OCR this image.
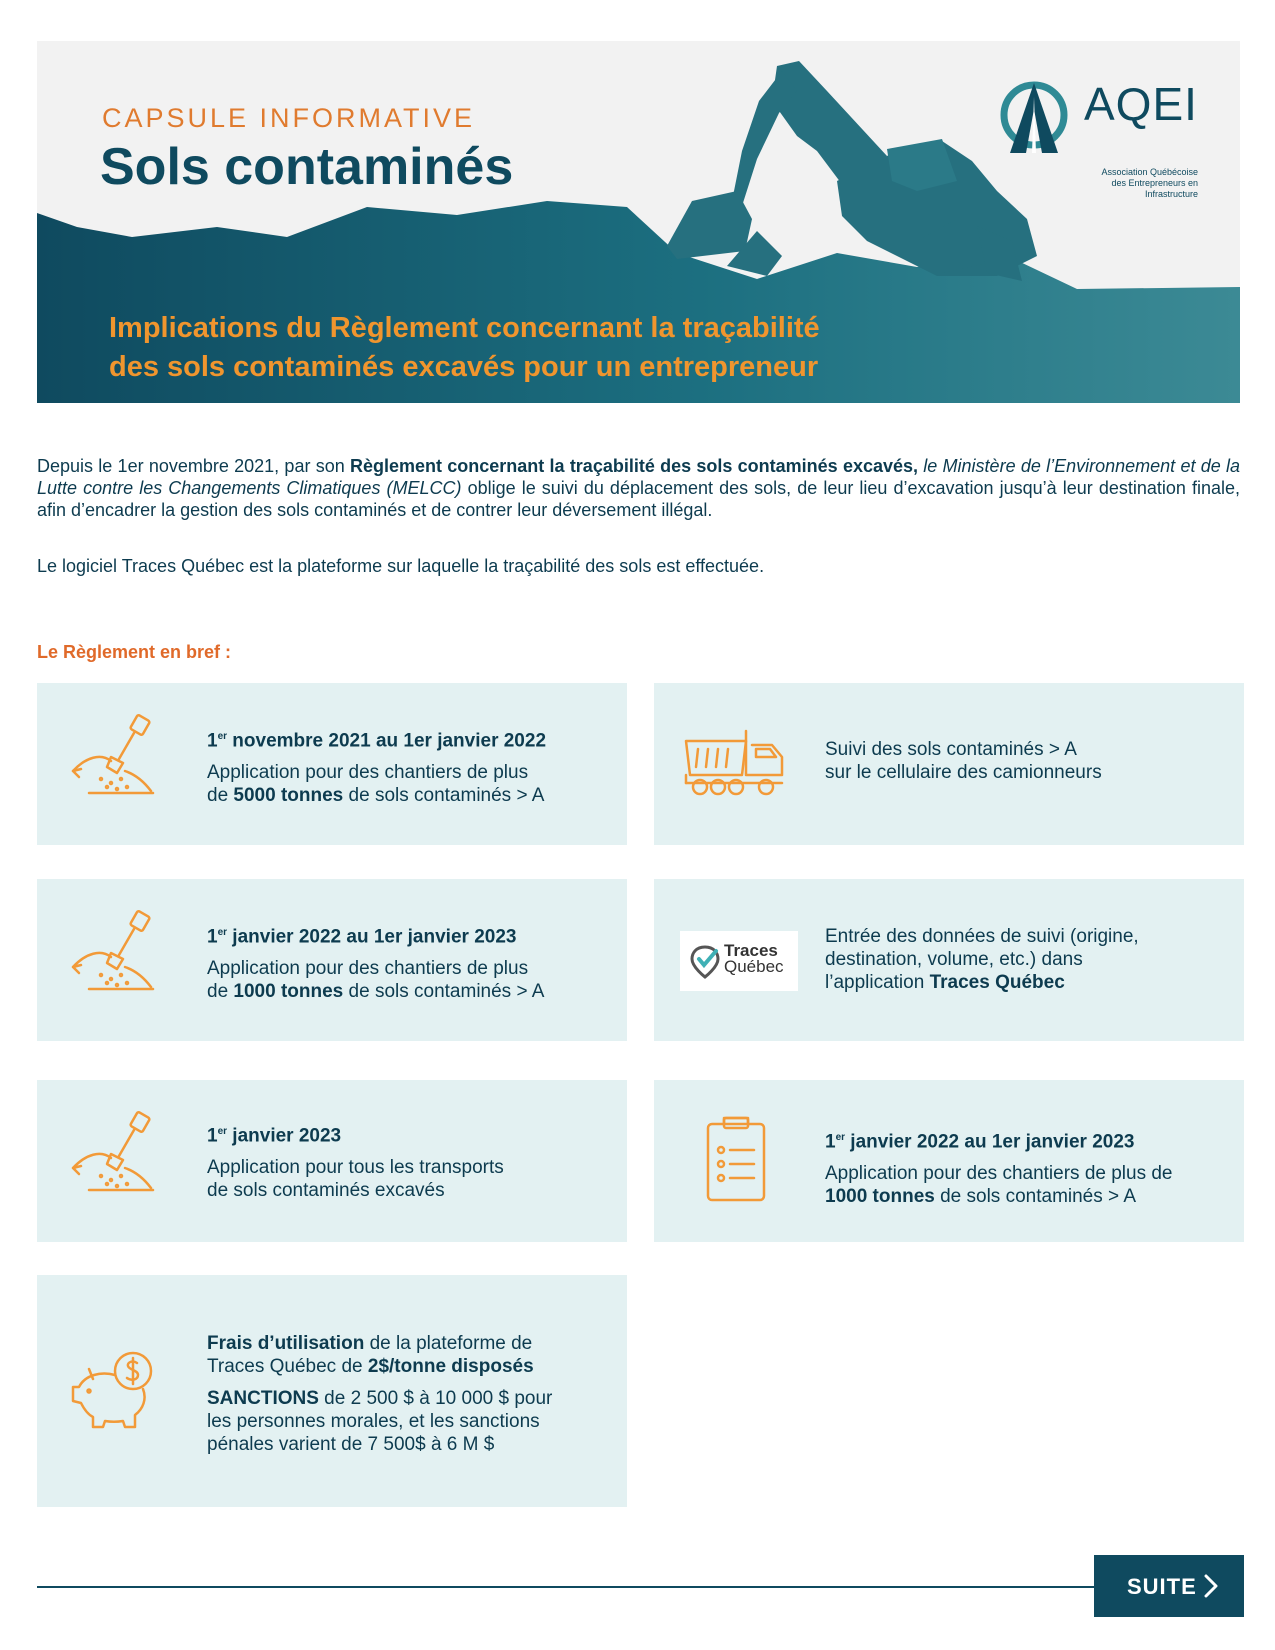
CAPSULE INFORMATIVE
Sols contaminés
Implications du Règlement concernant la traçabilité
des sols contaminés excavés pour un entrepreneur
AQEI
Association Québécoise
des Entrepreneurs en
Infrastructure

Depuis le 1er novembre 2021, par son Règlement concernant la traçabilité des sols contaminés excavés, le Ministère de l’Environnement et de la Lutte contre les Changements Climatiques (MELCC) oblige le suivi du déplacement des sols, de leur lieu d’excavation jusqu’à leur destination finale, afin d’encadrer la gestion des sols contaminés et de contrer leur déversement illégal.

Le logiciel Traces Québec est la plateforme sur laquelle la traçabilité des sols est effectuée.

Le Règlement en bref :
1er novembre 2021 au 1er janvier 2022
Application pour des chantiers de plus
de 5000 tonnes de sols contaminés > A
Suivi des sols contaminés > A
sur le cellulaire des camionneurs
1er janvier 2022 au 1er janvier 2023
Application pour des chantiers de plus
de 1000 tonnes de sols contaminés > A
Traces
Québec
Entrée des données de suivi (origine,
destination, volume, etc.) dans
l’application Traces Québec
1er janvier 2023
Application pour tous les transports
de sols contaminés excavés
1er janvier 2022 au 1er janvier 2023
Application pour des chantiers de plus de
1000 tonnes de sols contaminés > A
Frais d’utilisation de la plateforme de
Traces Québec de 2$/tonne disposés
SANCTIONS de 2 500 $ à 10 000 $ pour
les personnes morales, et les sanctions
pénales varient de 7 500$ à 6 M $
SUITE
